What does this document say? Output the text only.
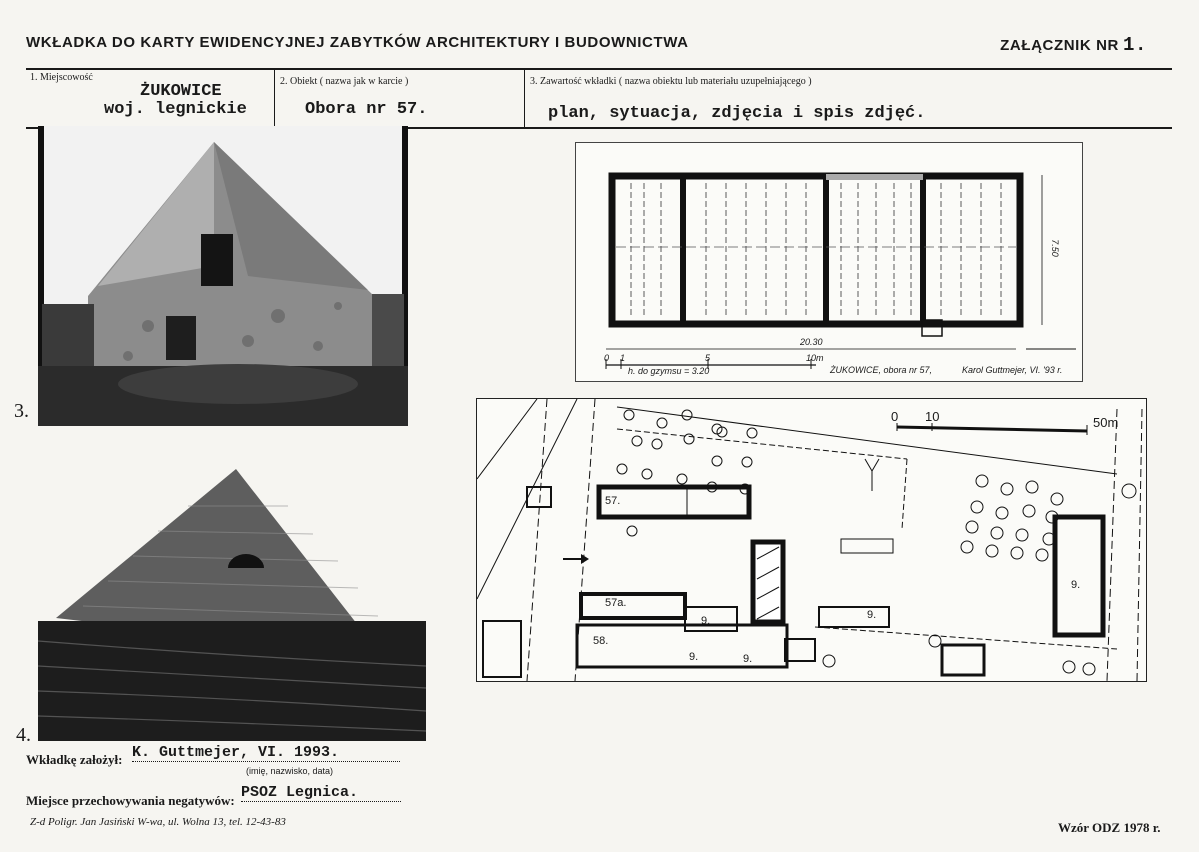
WKŁADKA DO KARTY EWIDENCYJNEJ ZABYTKÓW ARCHITEKTURY I BUDOWNICTWA	ZAŁĄCZNIK NR 1.
1. Miejscowość
ŻUKOWICE
woj. legnickie
2. Obiekt ( nazwa jak w karcie )
Obora nr 57.
3. Zawartość wkładki ( nazwa obiektu lub materiału uzupełniającego )
plan, sytuacja, zdjęcia i spis zdjęć.
3.
4.
20.30
7.50
0 1	5	10m
h. do gzymsu = 3.20	ŻUKOWICE, obora nr 57,	Karol Guttmejer, VI. '93 r.
0 10	50m
57.
57a.
58.
9.
9.
9.
9.	9.
Wkładkę założył: K. Guttmejer, VI. 1993.
(imię, nazwisko, data)
Miejsce przechowywania negatywów: PSOZ Legnica.
Z-d Poligr. Jan Jasiński W-wa, ul. Wolna 13, tel. 12-43-83	Wzór ODZ 1978 r.
